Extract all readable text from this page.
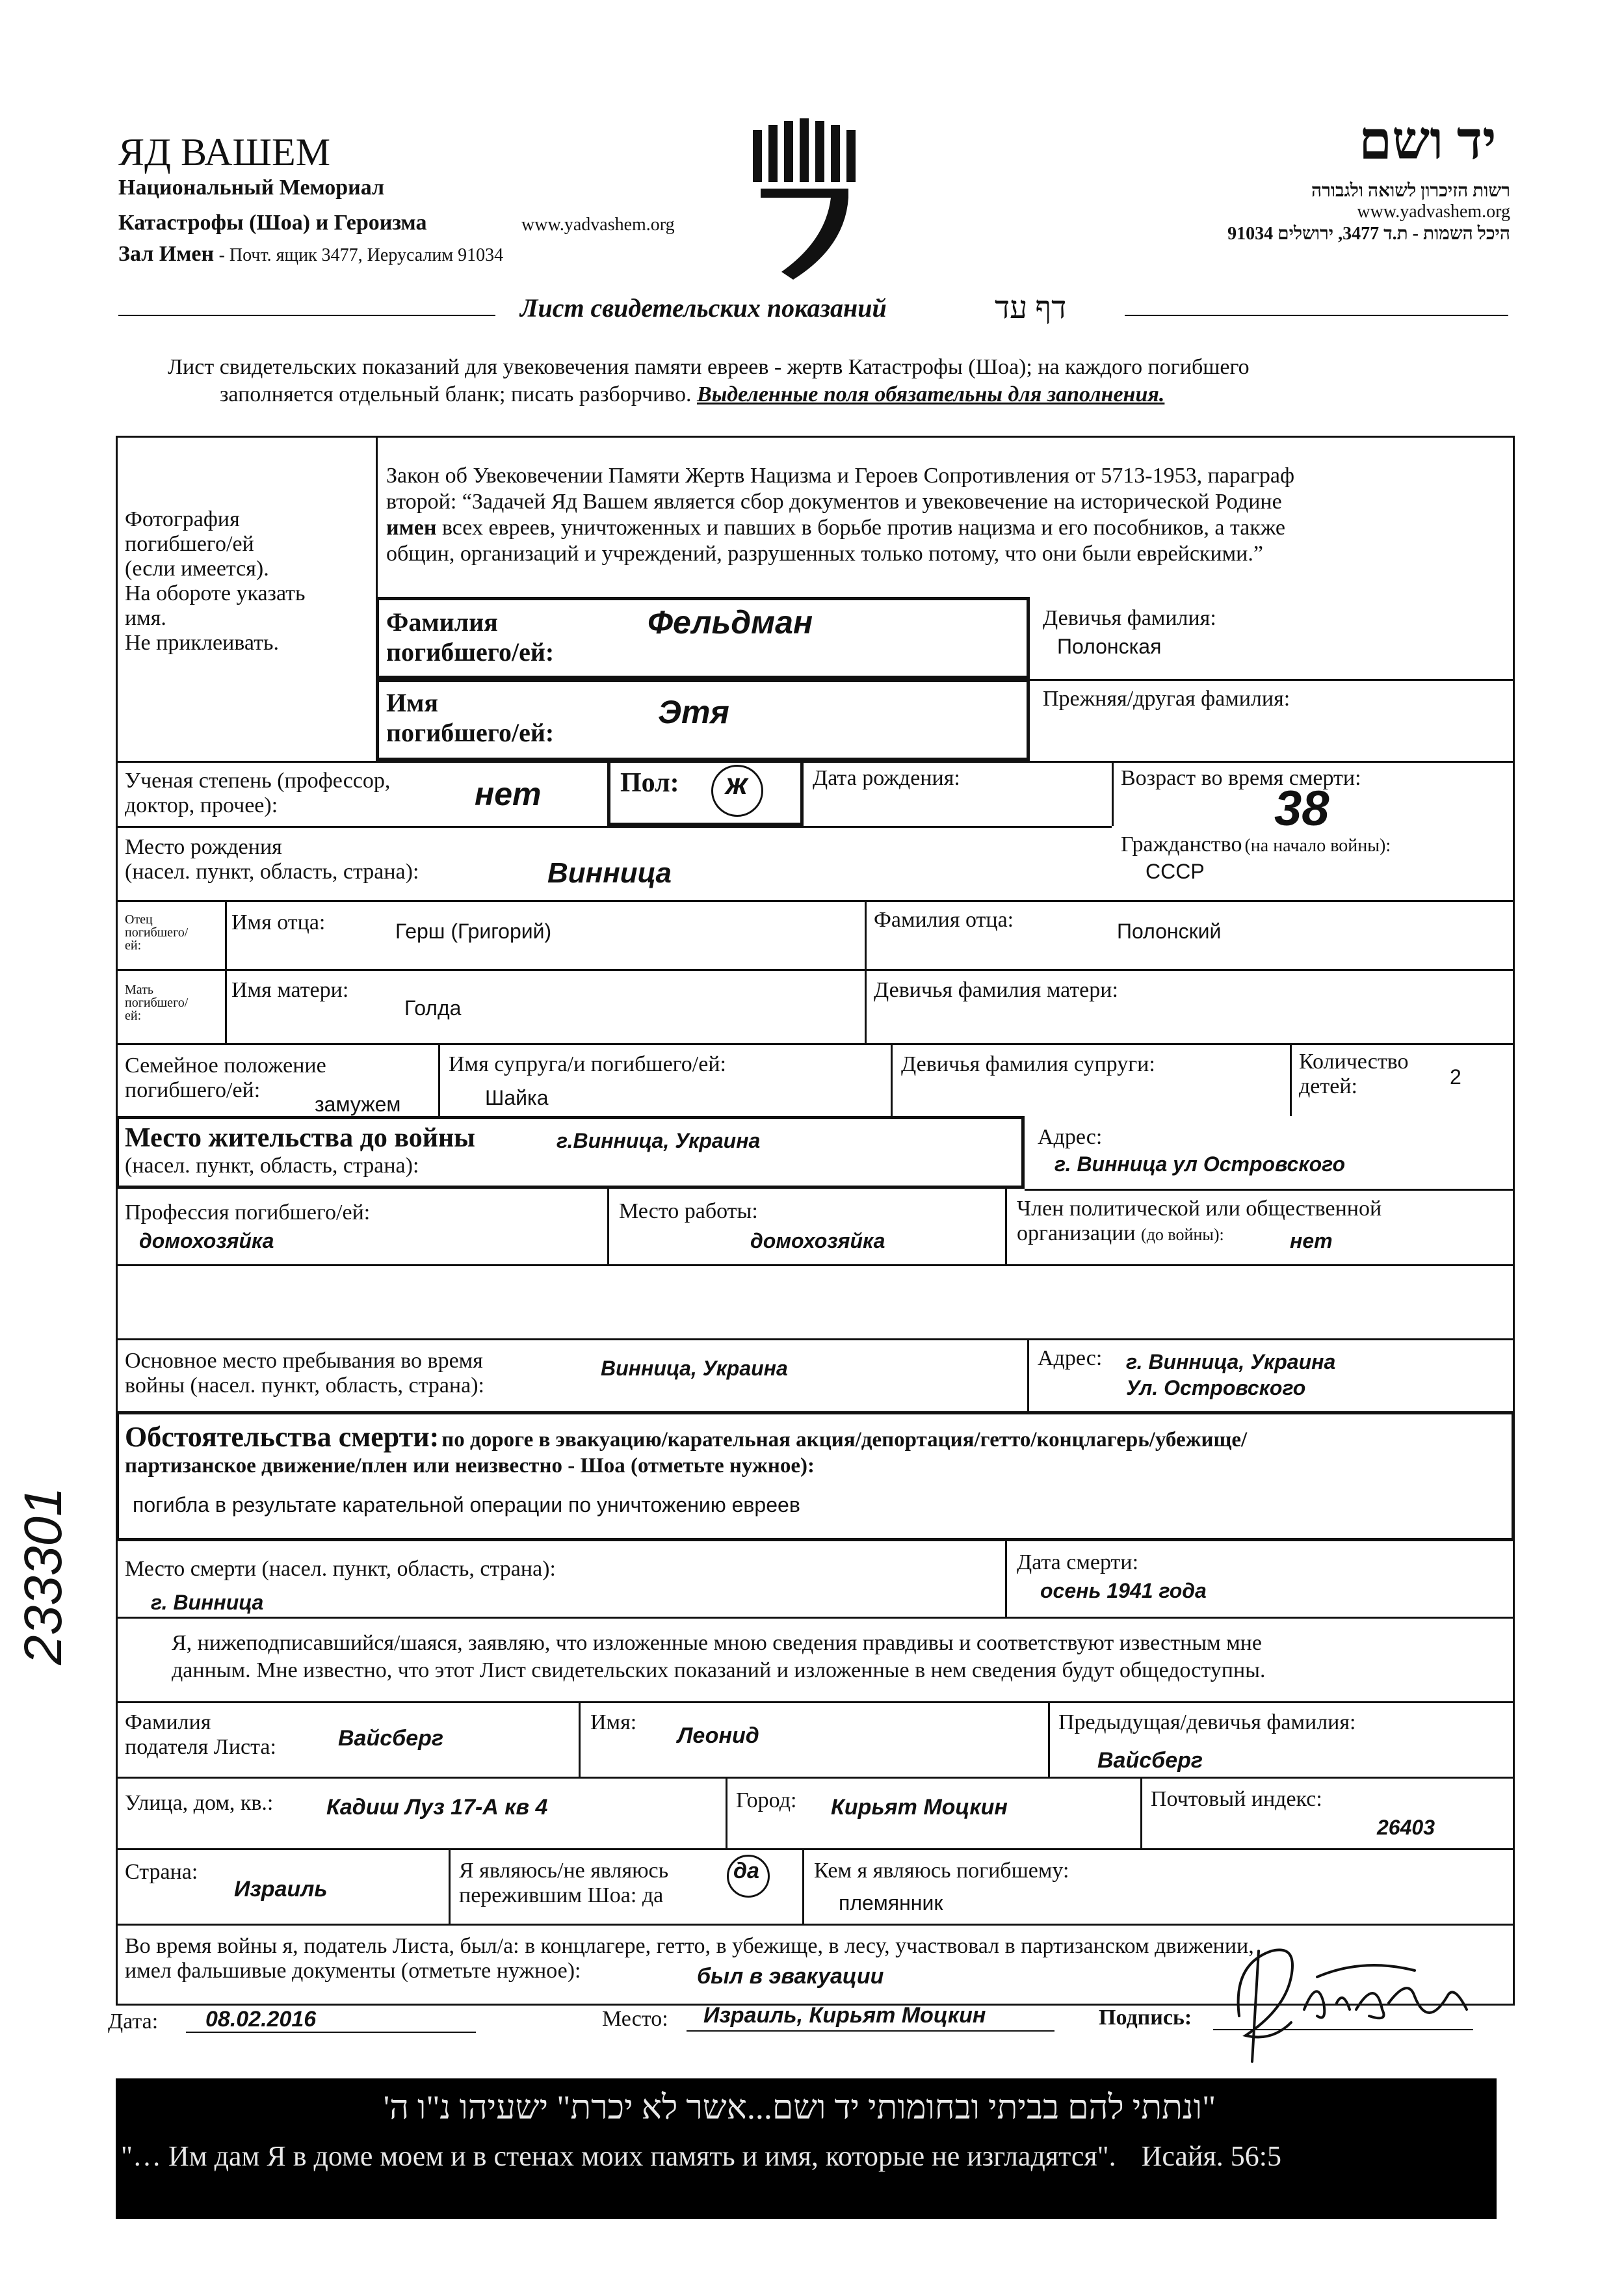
ЯД ВАШЕМ
Национальный Мемориал
Катастрофы (Шоа) и Героизма	www.yadvashem.org
Зал Имен - Почт. ящик 3477, Иерусалим 91034
יד ושם
רשות הזיכרון לשואה ולגבורה
www.yadvashem.org
היכל השמות - ת.ד 3477, ירושלים 91034
Лист свидетельских показаний	דף עד
Лист свидетельских показаний для увековечения памяти евреев - жертв Катастрофы (Шоа); на каждого погибшего
заполняется отдельный бланк; писать разборчиво. Выделенные поля обязательны для заполнения.
Фотография
погибшего/ей
(если имеется).
На обороте указать
имя.
Не приклеивать.
Закон об Увековечении Памяти Жертв Нацизма и Героев Сопротивления от 5713-1953, параграф
второй: “Задачей Яд Вашем является сбор документов и увековечение на исторической Родине
имен всех евреев, уничтоженных и павших в борьбе против нацизма и его пособников, а также
общин, организаций и учреждений, разрушенных только потому, что они были еврейскими.”
Фамилия
погибшего/ей:
Фельдман	Девичья фамилия:
Полонская
Имя
погибшего/ей:
Этя	Прежняя/другая фамилия:
Ученая степень (профессор,
доктор, прочее):	нет	Пол: ж	Дата рождения:	Возраст во время смерти:
38
Место рождения
(насел. пункт, область, страна):	Винница
Гражданство (на начало войны):
СССР
Отец
погибшего/
ей:
Имя отца:	Герш (Григорий)	Фамилия отца:	Полонский
Мать
погибшего/
ей:
Имя матери:
Голда
Девичья фамилия матери:
Семейное положение
погибшего/ей:
замужем
Имя супруга/и погибшего/ей:
Шайка
Девичья фамилия супруги:	Количество
детей:	2
Место жительства до войны
(насел. пункт, область, страна):
г.Винница, Украина	Адрес:
г. Винница ул Островского
Профессия погибшего/ей:
домохозяйка
Место работы:
домохозяйка
Член политической или общественной
организации (до войны):	нет
Основное место пребывания во время
войны (насел. пункт, область, страна):
Винница, Украина	Адрес: г. Винница, Украина
Ул. Островского
Обстоятельства смерти: по дороге в эвакуацию/карательная акция/депортация/гетто/концлагерь/убежище/
партизанское движение/плен или неизвестно - Шоа (отметьте нужное):
погибла в результате карательной операции по уничтожению евреев
Место смерти (насел. пункт, область, страна):
г. Винница
Дата смерти:
осень 1941 года
Я, нижеподписавшийся/шаяся, заявляю, что изложенные мною сведения правдивы и соответствуют известным мне
данным. Мне известно, что этот Лист свидетельских показаний и изложенные в нем сведения будут общедоступны.
Фамилия
подателя Листа:	Вайсберг
Имя:
Леонид
Предыдущая/девичья фамилия:
Вайсберг
Улица, дом, кв.: Кадиш Луз 17-А кв 4	Город: Кирьят Моцкин	Почтовый индекс:
26403
Страна:
Израиль
Я являюсь/не являюсь
пережившим Шоа: да
да Кем я являюсь погибшему:
племянник
Во время войны я, податель Листа, был/а: в концлагере, гетто, в убежище, в лесу, участвовал в партизанском движении,
имел фальшивые документы (отметьте нужное):	был в эвакуации
Дата: 08.02.2016	Место: Израиль, Кирьят Моцкин	Подпись:
"ונתתי להם בביתי ובחומותי יד ושם...אשר לא יכרת" ישעיהו נ"ו ה'
"… Им дам Я в доме моем и в стенах моих память и имя, которые не изгладятся". Исайя. 56:5
233301
